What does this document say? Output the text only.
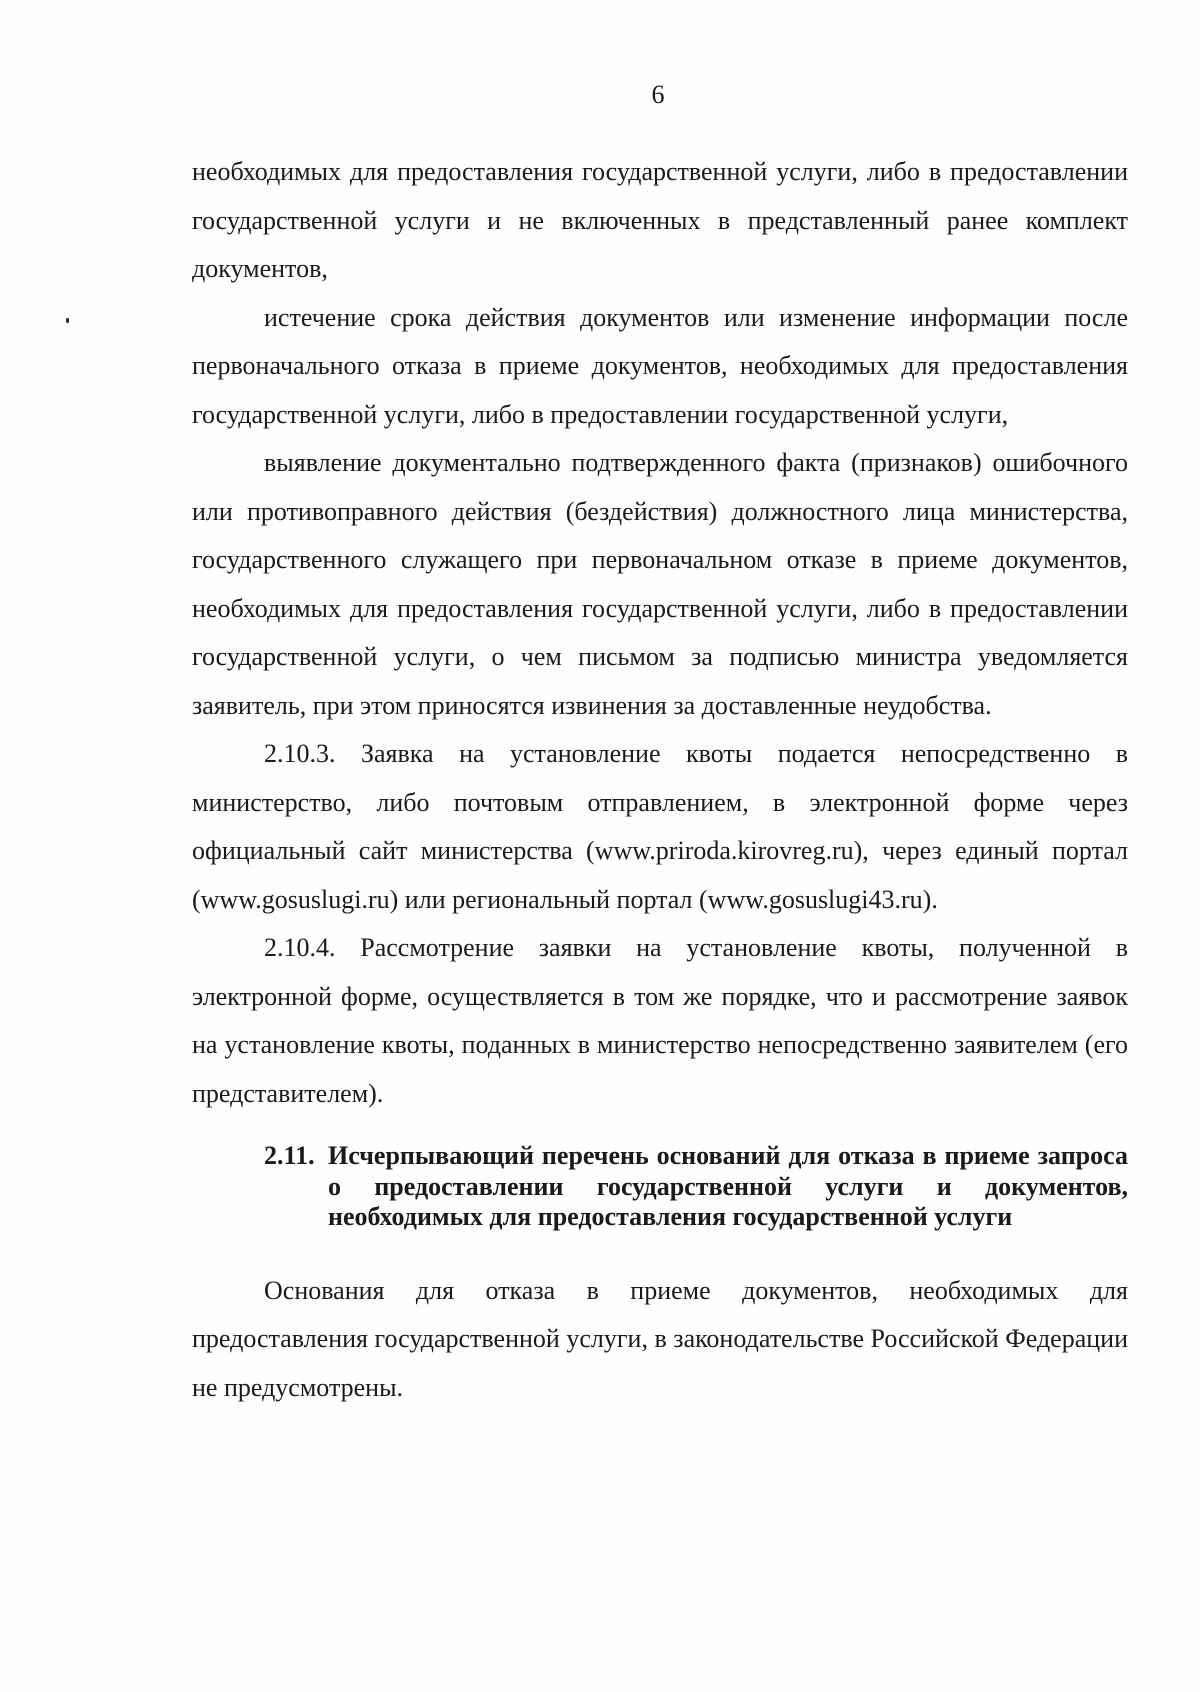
6

необходимых для предоставления государственной услуги, либо в предоставлении государственной услуги и не включенных в представленный ранее комплект документов,

истечение срока действия документов или изменение информации после первоначального отказа в приеме документов, необходимых для предоставления государственной услуги, либо в предоставлении государственной услуги,

выявление документально подтвержденного факта (признаков) ошибочного или противоправного действия (бездействия) должностного лица министерства, государственного служащего при первоначальном отказе в приеме документов, необходимых для предоставления государственной услуги, либо в предоставлении государственной услуги, о чем письмом за подписью министра уведомляется заявитель, при этом приносятся извинения за доставленные неудобства.

2.10.3. Заявка на установление квоты подается непосредственно в министерство, либо почтовым отправлением, в электронной форме через официальный сайт министерства (www.priroda.kirovreg.ru), через единый портал (www.gosuslugi.ru) или региональный портал (www.gosuslugi43.ru).

2.10.4. Рассмотрение заявки на установление квоты, полученной в электронной форме, осуществляется в том же порядке, что и рассмотрение заявок на установление квоты, поданных в министерство непосредственно заявителем (его представителем).

2.11. Исчерпывающий перечень оснований для отказа в приеме запроса о предоставлении государственной услуги и документов, необходимых для предоставления государственной услуги

Основания для отказа в приеме документов, необходимых для предоставления государственной услуги, в законодательстве Российской Федерации не предусмотрены.
